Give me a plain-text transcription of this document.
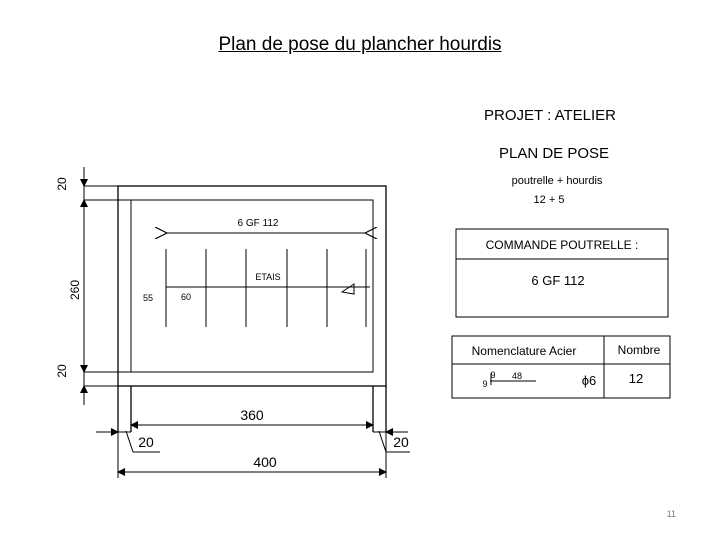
Plan de pose du plancher hourdis
6 GF 112
ETAIS
55	60
20
260
20
360
20	20
400
PROJET : ATELIER
PLAN DE POSE
poutrelle + hourdis
12 + 5
COMMANDE POUTRELLE :
6 GF 112
Nomenclature Acier	Nombre
9
9
48	ϕ6	12
11
